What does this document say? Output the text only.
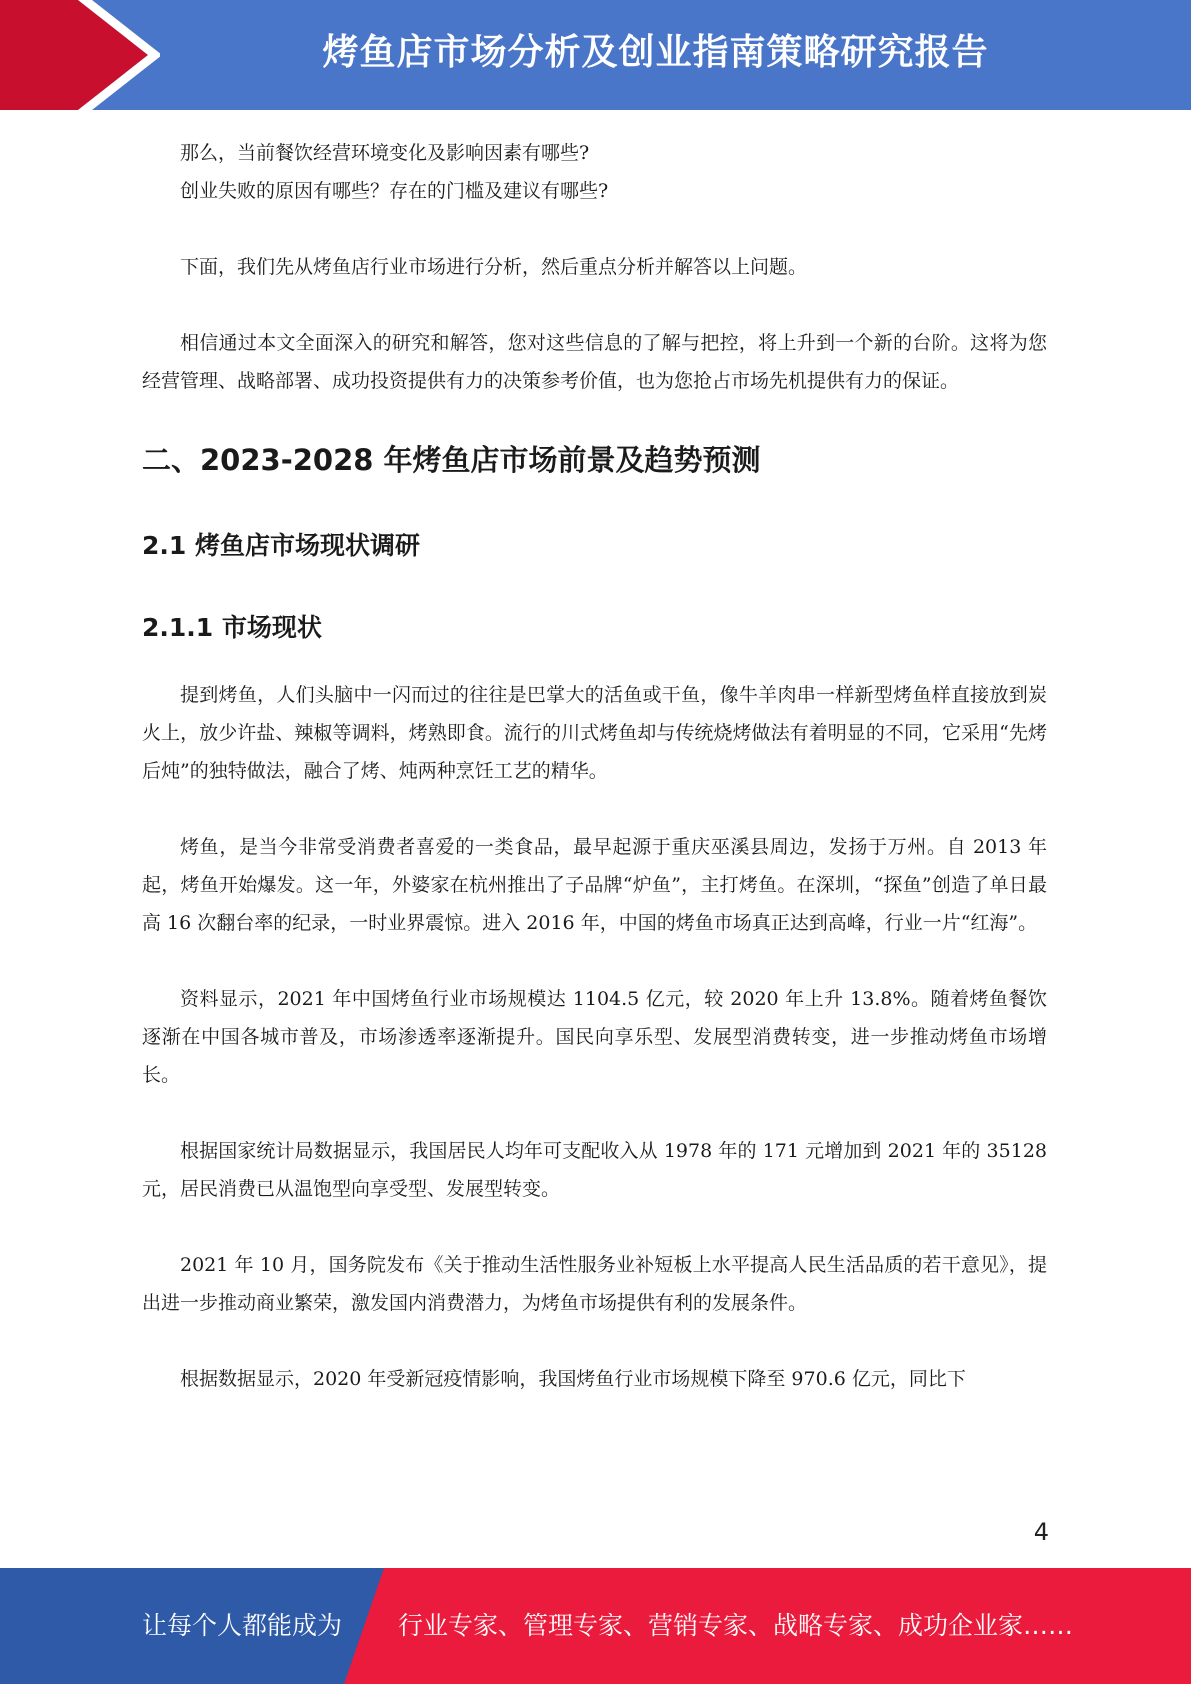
烤鱼店市场分析及创业指南策略研究报告

那么，当前餐饮经营环境变化及影响因素有哪些?

创业失败的原因有哪些？存在的门槛及建议有哪些?

下面，我们先从烤鱼店行业市场进行分析，然后重点分析并解答以上问题。

相信通过本文全面深入的研究和解答，您对这些信息的了解与把控，将上升到一个新的台阶。这将为您经营管理、战略部署、成功投资提供有力的决策参考价值，也为您抢占市场先机提供有力的保证。

二、2023-2028 年烤鱼店市场前景及趋势预测
2.1 烤鱼店市场现状调研
2.1.1 市场现状

提到烤鱼，人们头脑中一闪而过的往往是巴掌大的活鱼或干鱼，像牛羊肉串一样新型烤鱼样直接放到炭火上，放少许盐、辣椒等调料，烤熟即食。流行的川式烤鱼却与传统烧烤做法有着明显的不同，它采用“先烤后炖”的独特做法，融合了烤、炖两种烹饪工艺的精华。

烤鱼，是当今非常受消费者喜爱的一类食品，最早起源于重庆巫溪县周边，发扬于万州。自 2013 年起，烤鱼开始爆发。这一年，外婆家在杭州推出了子品牌“炉鱼”，主打烤鱼。在深圳，“探鱼”创造了单日最高 16 次翻台率的纪录，一时业界震惊。进入 2016 年，中国的烤鱼市场真正达到高峰，行业一片“红海”。

资料显示，2021 年中国烤鱼行业市场规模达 1104.5 亿元，较 2020 年上升 13.8%。随着烤鱼餐饮逐渐在中国各城市普及，市场渗透率逐渐提升。国民向享乐型、发展型消费转变，进一步推动烤鱼市场增长。

根据国家统计局数据显示，我国居民人均年可支配收入从 1978 年的 171 元增加到 2021 年的 35128 元，居民消费已从温饱型向享受型、发展型转变。

2021 年 10 月，国务院发布《关于推动生活性服务业补短板上水平提高人民生活品质的若干意见》，提出进一步推动商业繁荣，激发国内消费潜力，为烤鱼市场提供有利的发展条件。

根据数据显示，2020 年受新冠疫情影响，我国烤鱼行业市场规模下降至 970.6 亿元，同比下

4
让每个人都能成为 行业专家、管理专家、营销专家、战略专家、成功企业家……
